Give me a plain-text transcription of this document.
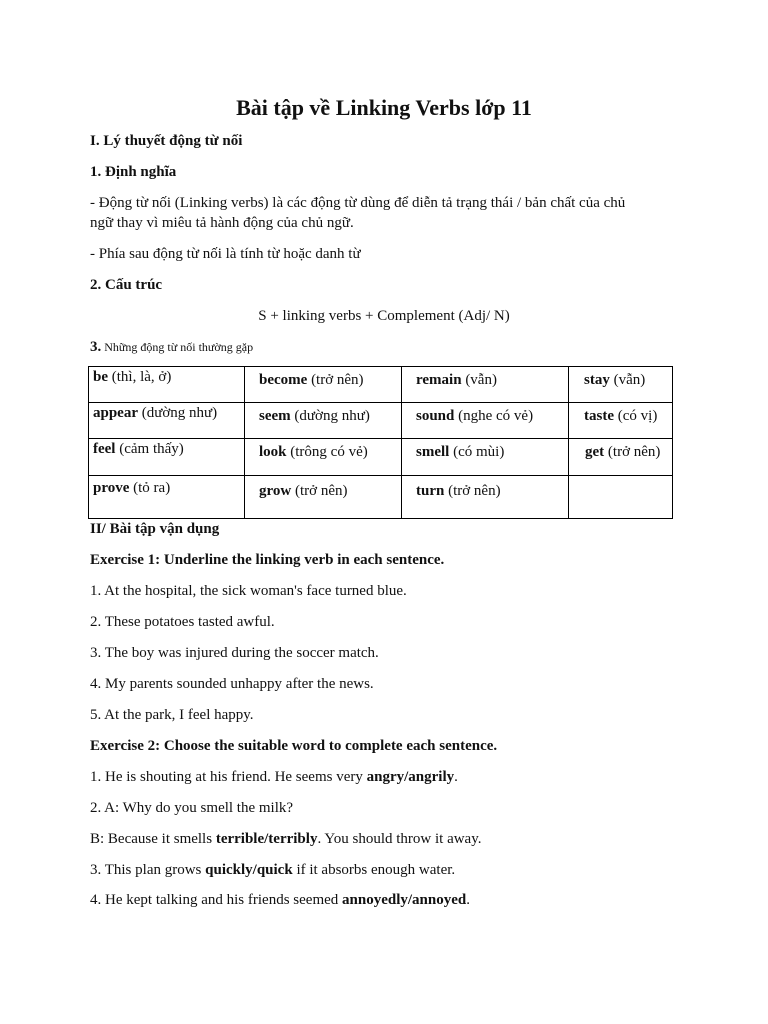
Bài tập về Linking Verbs lớp 11
I. Lý thuyết động từ nối
1. Định nghĩa
- Động từ nối (Linking verbs) là các động từ dùng để diễn tả trạng thái / bản chất của chủ
ngữ thay vì miêu tả hành động của chủ ngữ.
- Phía sau động từ nối là tính từ hoặc danh từ
2. Cấu trúc
S + linking verbs + Complement (Adj/ N)
3. Những động từ nối thường gặp
be (thì, là, ở)	become (trở nên)	remain (vẫn)	stay (vẫn)

appear (dường như)	seem (dường như)	sound (nghe có vẻ)	taste (có vị)

feel (cảm thấy)	look (trông có vẻ)	smell (có mùi)	get (trở nên)

prove (tỏ ra)	grow (trở nên)	turn (trở nên)	

II/ Bài tập vận dụng
Exercise 1: Underline the linking verb in each sentence.
1. At the hospital, the sick woman's face turned blue.
2. These potatoes tasted awful.
3. The boy was injured during the soccer match.
4. My parents sounded unhappy after the news.
5. At the park, I feel happy.
Exercise 2: Choose the suitable word to complete each sentence.
1. He is shouting at his friend. He seems very angry/angrily.
2. A: Why do you smell the milk?
B: Because it smells terrible/terribly. You should throw it away.
3. This plan grows quickly/quick if it absorbs enough water.
4. He kept talking and his friends seemed annoyedly/annoyed.
